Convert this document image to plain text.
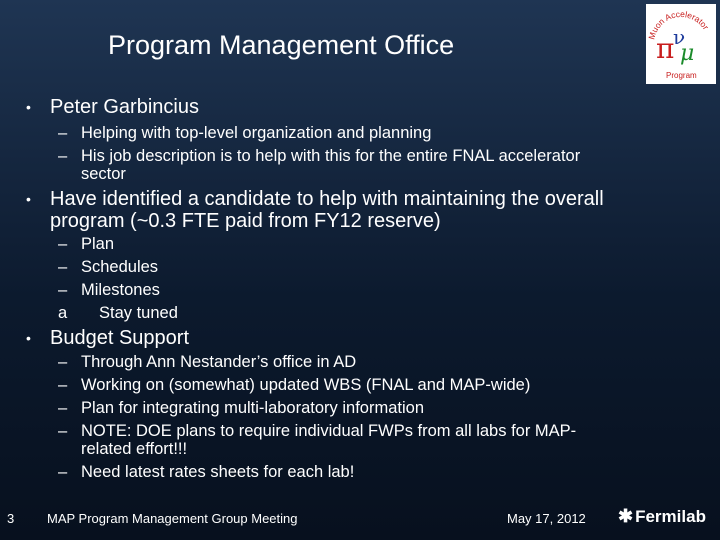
Program Management Office	Muon Accelerator
π μ
ν
Program
• Peter Garbincius
– Helping with top-level organization and planning
– His job description is to help with this for the entire FNAL accelerator
sector
• Have identified a candidate to help with maintaining the overall
program (~0.3 FTE paid from FY12 reserve)
– Plan
– Schedules
– Milestones
a	Stay tuned
• Budget Support
– Through Ann Nestander’s office in AD
– Working on (somewhat) updated WBS (FNAL and MAP-wide)
– Plan for integrating multi-laboratory information
– NOTE: DOE plans to require individual FWPs from all labs for MAP-
related effort!!!
– Need latest rates sheets for each lab!
3	MAP Program Management Group Meeting	May 17, 2012 ✱ Fermilab
